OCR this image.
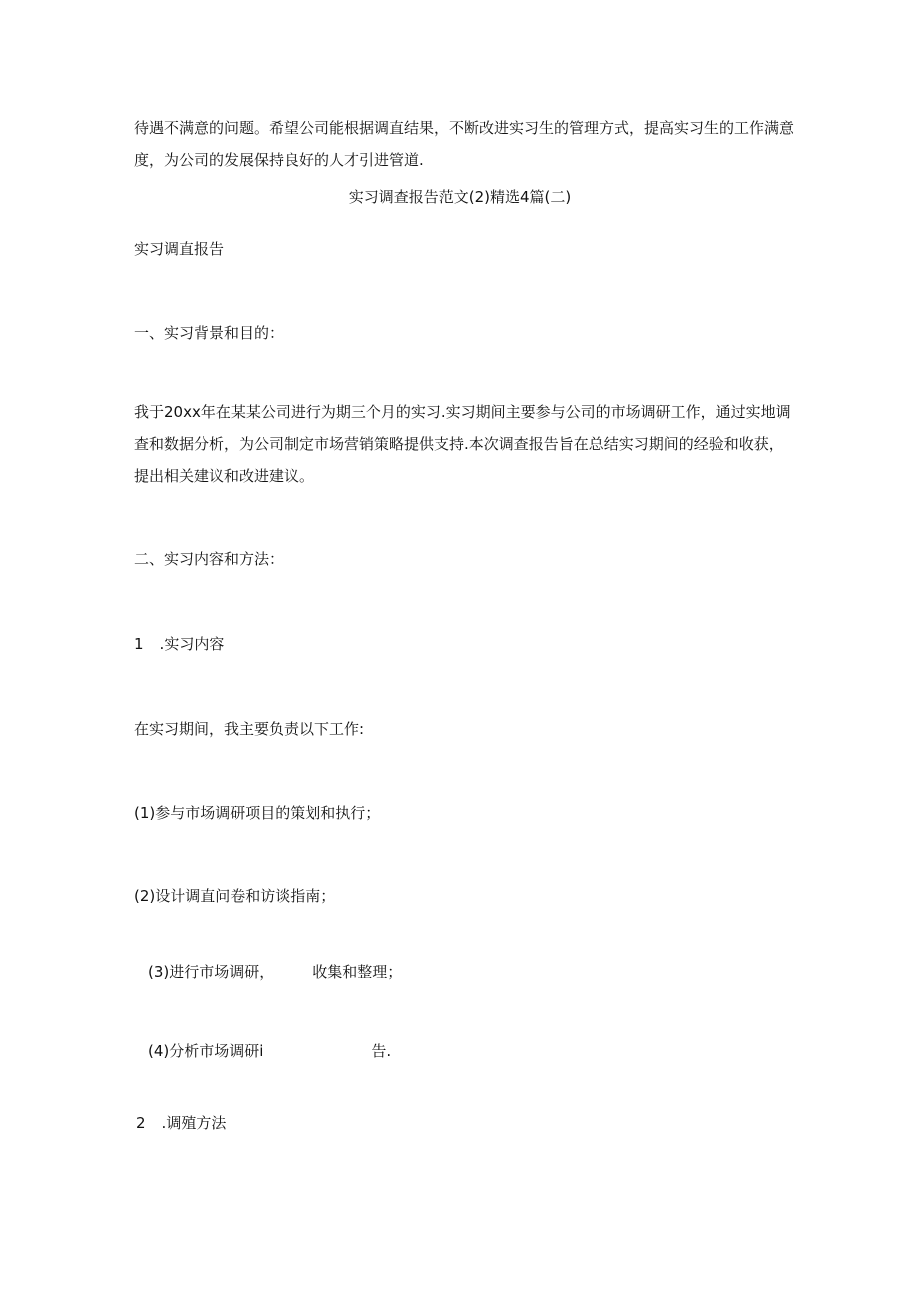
待遇不满意的问题。希望公司能根据调直结果，不断改进实习生的管理方式，提高实习生的工作满意度，为公司的发展保持良好的人才引进管道.
实习调查报告范文(2)精选4篇(二)
实习调直报告
一、实习背景和目的：
我于20xx年在某某公司进行为期三个月的实习.实习期间主要参与公司的市场调研工作，通过实地调查和数据分析，为公司制定市场营销策略提供支持.本次调查报告旨在总结实习期间的经验和收获，提出相关建议和改进建议。
二、实习内容和方法：
1 .实习内容
在实习期间，我主要负责以下工作:
(1)参与市场调研项目的策划和执行；
(2)设计调直问卷和访谈指南；
(3)进行市场调研，	收集和整理；
(4)分析市场调研i	告.
2 .调殖方法
